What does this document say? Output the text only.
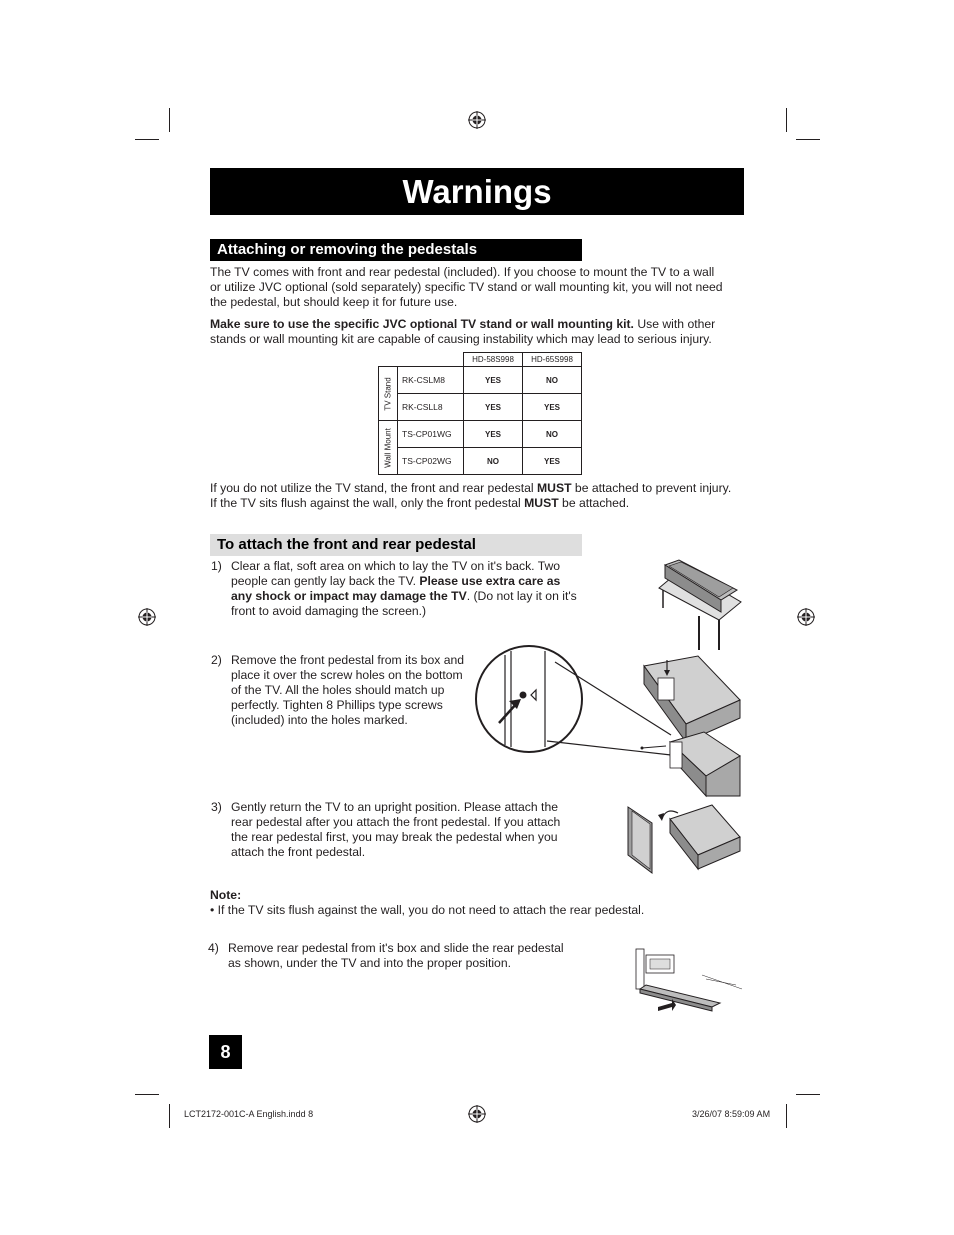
Warnings
Attaching or removing the pedestals
The TV comes with front and rear pedestal (included). If you choose to mount the TV to a wall
or utilize JVC optional (sold separately) specific TV stand or wall mounting kit, you will not need
the pedestal, but should keep it for future use.
Make sure to use the specific JVC optional TV stand or wall mounting kit. Use with other
stands or wall mounting kit are capable of causing instability which may lead to serious injury.
		HD-58S998	HD-65S998

TV Stand	RK-CSLM8	YES	NO
	RK-CSLL8	YES	YES

Wall Mount	TS-CP01WG	YES	NO
	TS-CP02WG	NO	YES
If you do not utilize the TV stand, the front and rear pedestal MUST be attached to prevent injury.
If the TV sits flush against the wall, only the front pedestal MUST be attached.
To attach the front and rear pedestal
1) Clear a flat, soft area on which to lay the TV on it's back. Two
people can gently lay back the TV. Please use extra care as
any shock or impact may damage the TV. (Do not lay it on it's
front to avoid damaging the screen.)
2) Remove the front pedestal from its box and
place it over the screw holes on the bottom
of the TV. All the holes should match up
perfectly. Tighten 8 Phillips type screws
(included) into the holes marked.
3) Gently return the TV to an upright position. Please attach the
rear pedestal after you attach the front pedestal. If you attach
the rear pedestal first, you may break the pedestal when you
attach the front pedestal.
Note:
• If the TV sits flush against the wall, you do not need to attach the rear pedestal.
4) Remove rear pedestal from it's box and slide the rear pedestal
as shown, under the TV and into the proper position.
8
LCT2172-001C-A English.indd 8	3/26/07 8:59:09 AM
